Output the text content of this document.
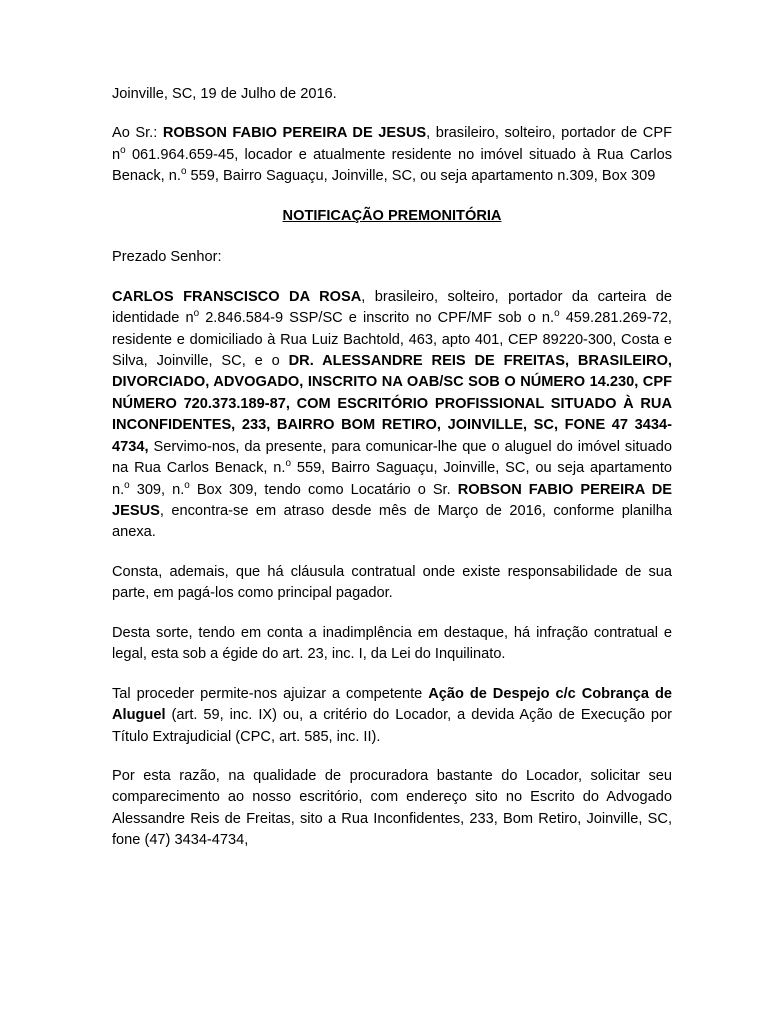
Joinville, SC, 19 de Julho de 2016.

Ao Sr.: ROBSON FABIO PEREIRA DE JESUS, brasileiro, solteiro, portador de CPF $n^o$ 061.964.659-45, locador e atualmente residente no imóvel situado à Rua Carlos Benack, n.$^o$ 559, Bairro Saguaçu, Joinville, SC, ou seja apartamento n.309, Box 309

NOTIFICAÇÃO PREMONITÓRIA

Prezado Senhor:

CARLOS FRANSCISCO DA ROSA, brasileiro, solteiro, portador da carteira de identidade $n^o$ 2.846.584-9 SSP/SC e inscrito no CPF/MF sob o n.$^o$ 459.281.269-72, residente e domiciliado à Rua Luiz Bachtold, 463, apto 401, CEP 89220-300, Costa e Silva, Joinville, SC, e o DR. ALESSANDRE REIS DE FREITAS, BRASILEIRO, DIVORCIADO, ADVOGADO, INSCRITO NA OAB/SC SOB O NÚMERO 14.230, CPF NÚMERO 720.373.189-87, COM ESCRITÓRIO PROFISSIONAL SITUADO À RUA INCONFIDENTES, 233, BAIRRO BOM RETIRO, JOINVILLE, SC, FONE 47 3434-4734, Servimo-nos, da presente, para comunicar-lhe que o aluguel do imóvel situado na Rua Carlos Benack, n.$^o$ 559, Bairro Saguaçu, Joinville, SC, ou seja apartamento n.$^o$ 309, n.$^o$ Box 309, tendo como Locatário o Sr. ROBSON FABIO PEREIRA DE JESUS, encontra-se em atraso desde mês de Março de 2016, conforme planilha anexa.

Consta, ademais, que há cláusula contratual onde existe responsabilidade de sua parte, em pagá-los como principal pagador.

Desta sorte, tendo em conta a inadimplência em destaque, há infração contratual e legal, esta sob a égide do art. 23, inc. I, da Lei do Inquilinato.

Tal proceder permite-nos ajuizar a competente Ação de Despejo c/c Cobrança de Aluguel (art. 59, inc. IX) ou, a critério do Locador, a devida Ação de Execução por Título Extrajudicial (CPC, art. 585, inc. II).

Por esta razão, na qualidade de procuradora bastante do Locador, solicitar seu comparecimento ao nosso escritório, com endereço sito no Escrito do Advogado Alessandre Reis de Freitas, sito a Rua Inconfidentes, 233, Bom Retiro, Joinville, SC, fone (47) 3434-4734,
